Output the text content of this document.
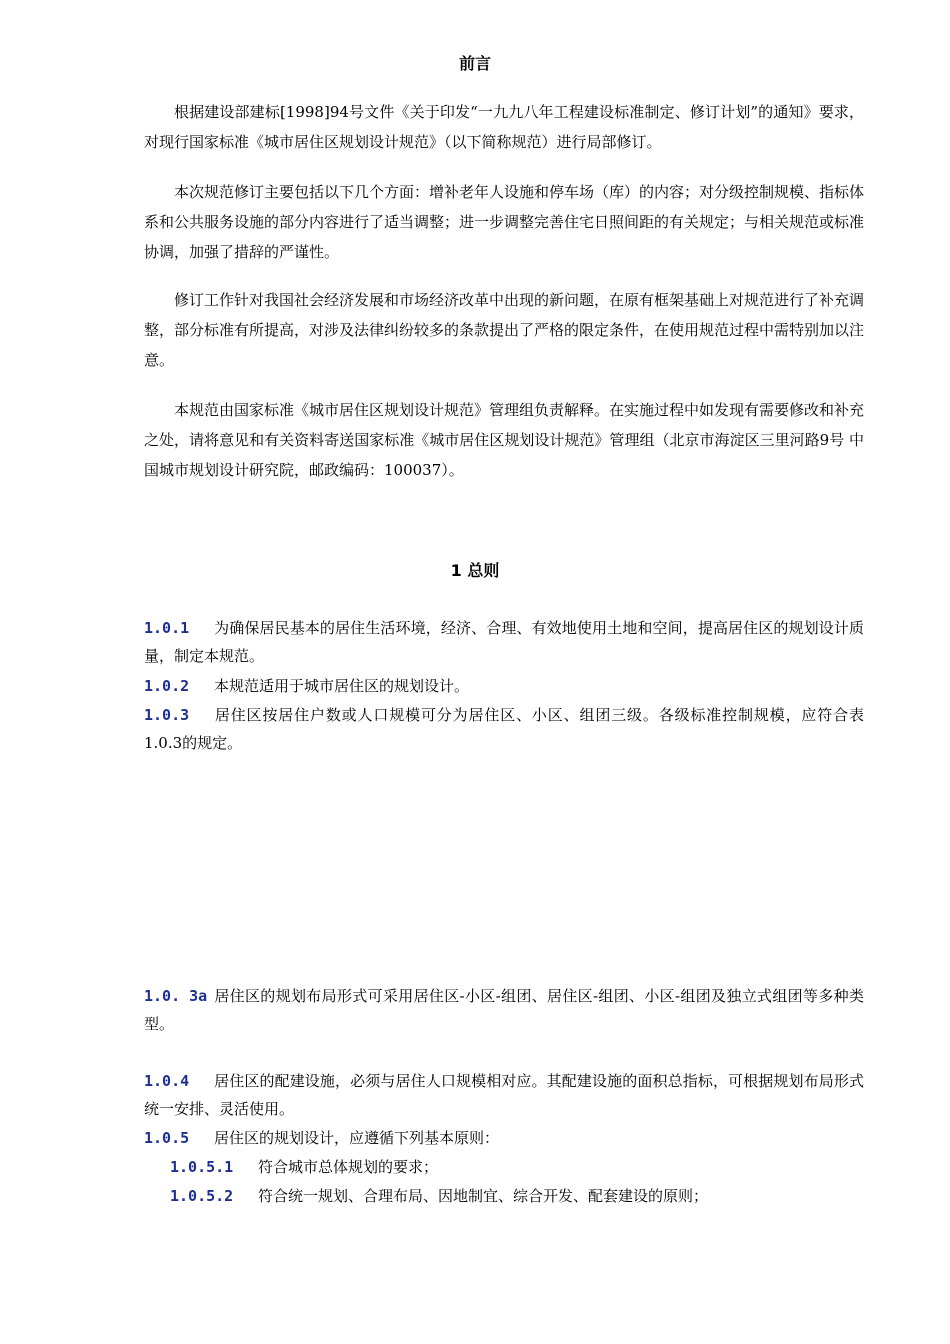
前言

根据建设部建标[1998]94号文件《关于印发“一九九八年工程建设标准制定、修订计划”的通知》要求，对现行国家标准《城市居住区规划设计规范》（以下简称规范）进行局部修订。

本次规范修订主要包括以下几个方面：增补老年人设施和停车场（库）的内容；对分级控制规模、指标体系和公共服务设施的部分内容进行了适当调整；进一步调整完善住宅日照间距的有关规定；与相关规范或标准协调，加强了措辞的严谨性。

修订工作针对我国社会经济发展和市场经济改革中出现的新问题，在原有框架基础上对规范进行了补充调整，部分标准有所提高，对涉及法律纠纷较多的条款提出了严格的限定条件，在使用规范过程中需特别加以注意。

本规范由国家标准《城市居住区规划设计规范》管理组负责解释。在实施过程中如发现有需要修改和补充之处，请将意见和有关资料寄送国家标准《城市居住区规划设计规范》管理组（北京市海淀区三里河路9号 中国城市规划设计研究院，邮政编码：100037）。

1 总则

1.0.1 为确保居民基本的居住生活环境，经济、合理、有效地使用土地和空间，提高居住区的规划设计质量，制定本规范。

1.0.2 本规范适用于城市居住区的规划设计。

1.0.3 居住区按居住户数或人口规模可分为居住区、小区、组团三级。各级标准控制规模，应符合表1.0.3的规定。

1.0. 3a 居住区的规划布局形式可采用居住区-小区-组团、居住区-组团、小区-组团及独立式组团等多种类型。

1.0.4 居住区的配建设施，必须与居住人口规模相对应。其配建设施的面积总指标，可根据规划布局形式统一安排、灵活使用。

1.0.5 居住区的规划设计，应遵循下列基本原则：

1.0.5.1 符合城市总体规划的要求；

1.0.5.2 符合统一规划、合理布局、因地制宜、综合开发、配套建设的原则；
